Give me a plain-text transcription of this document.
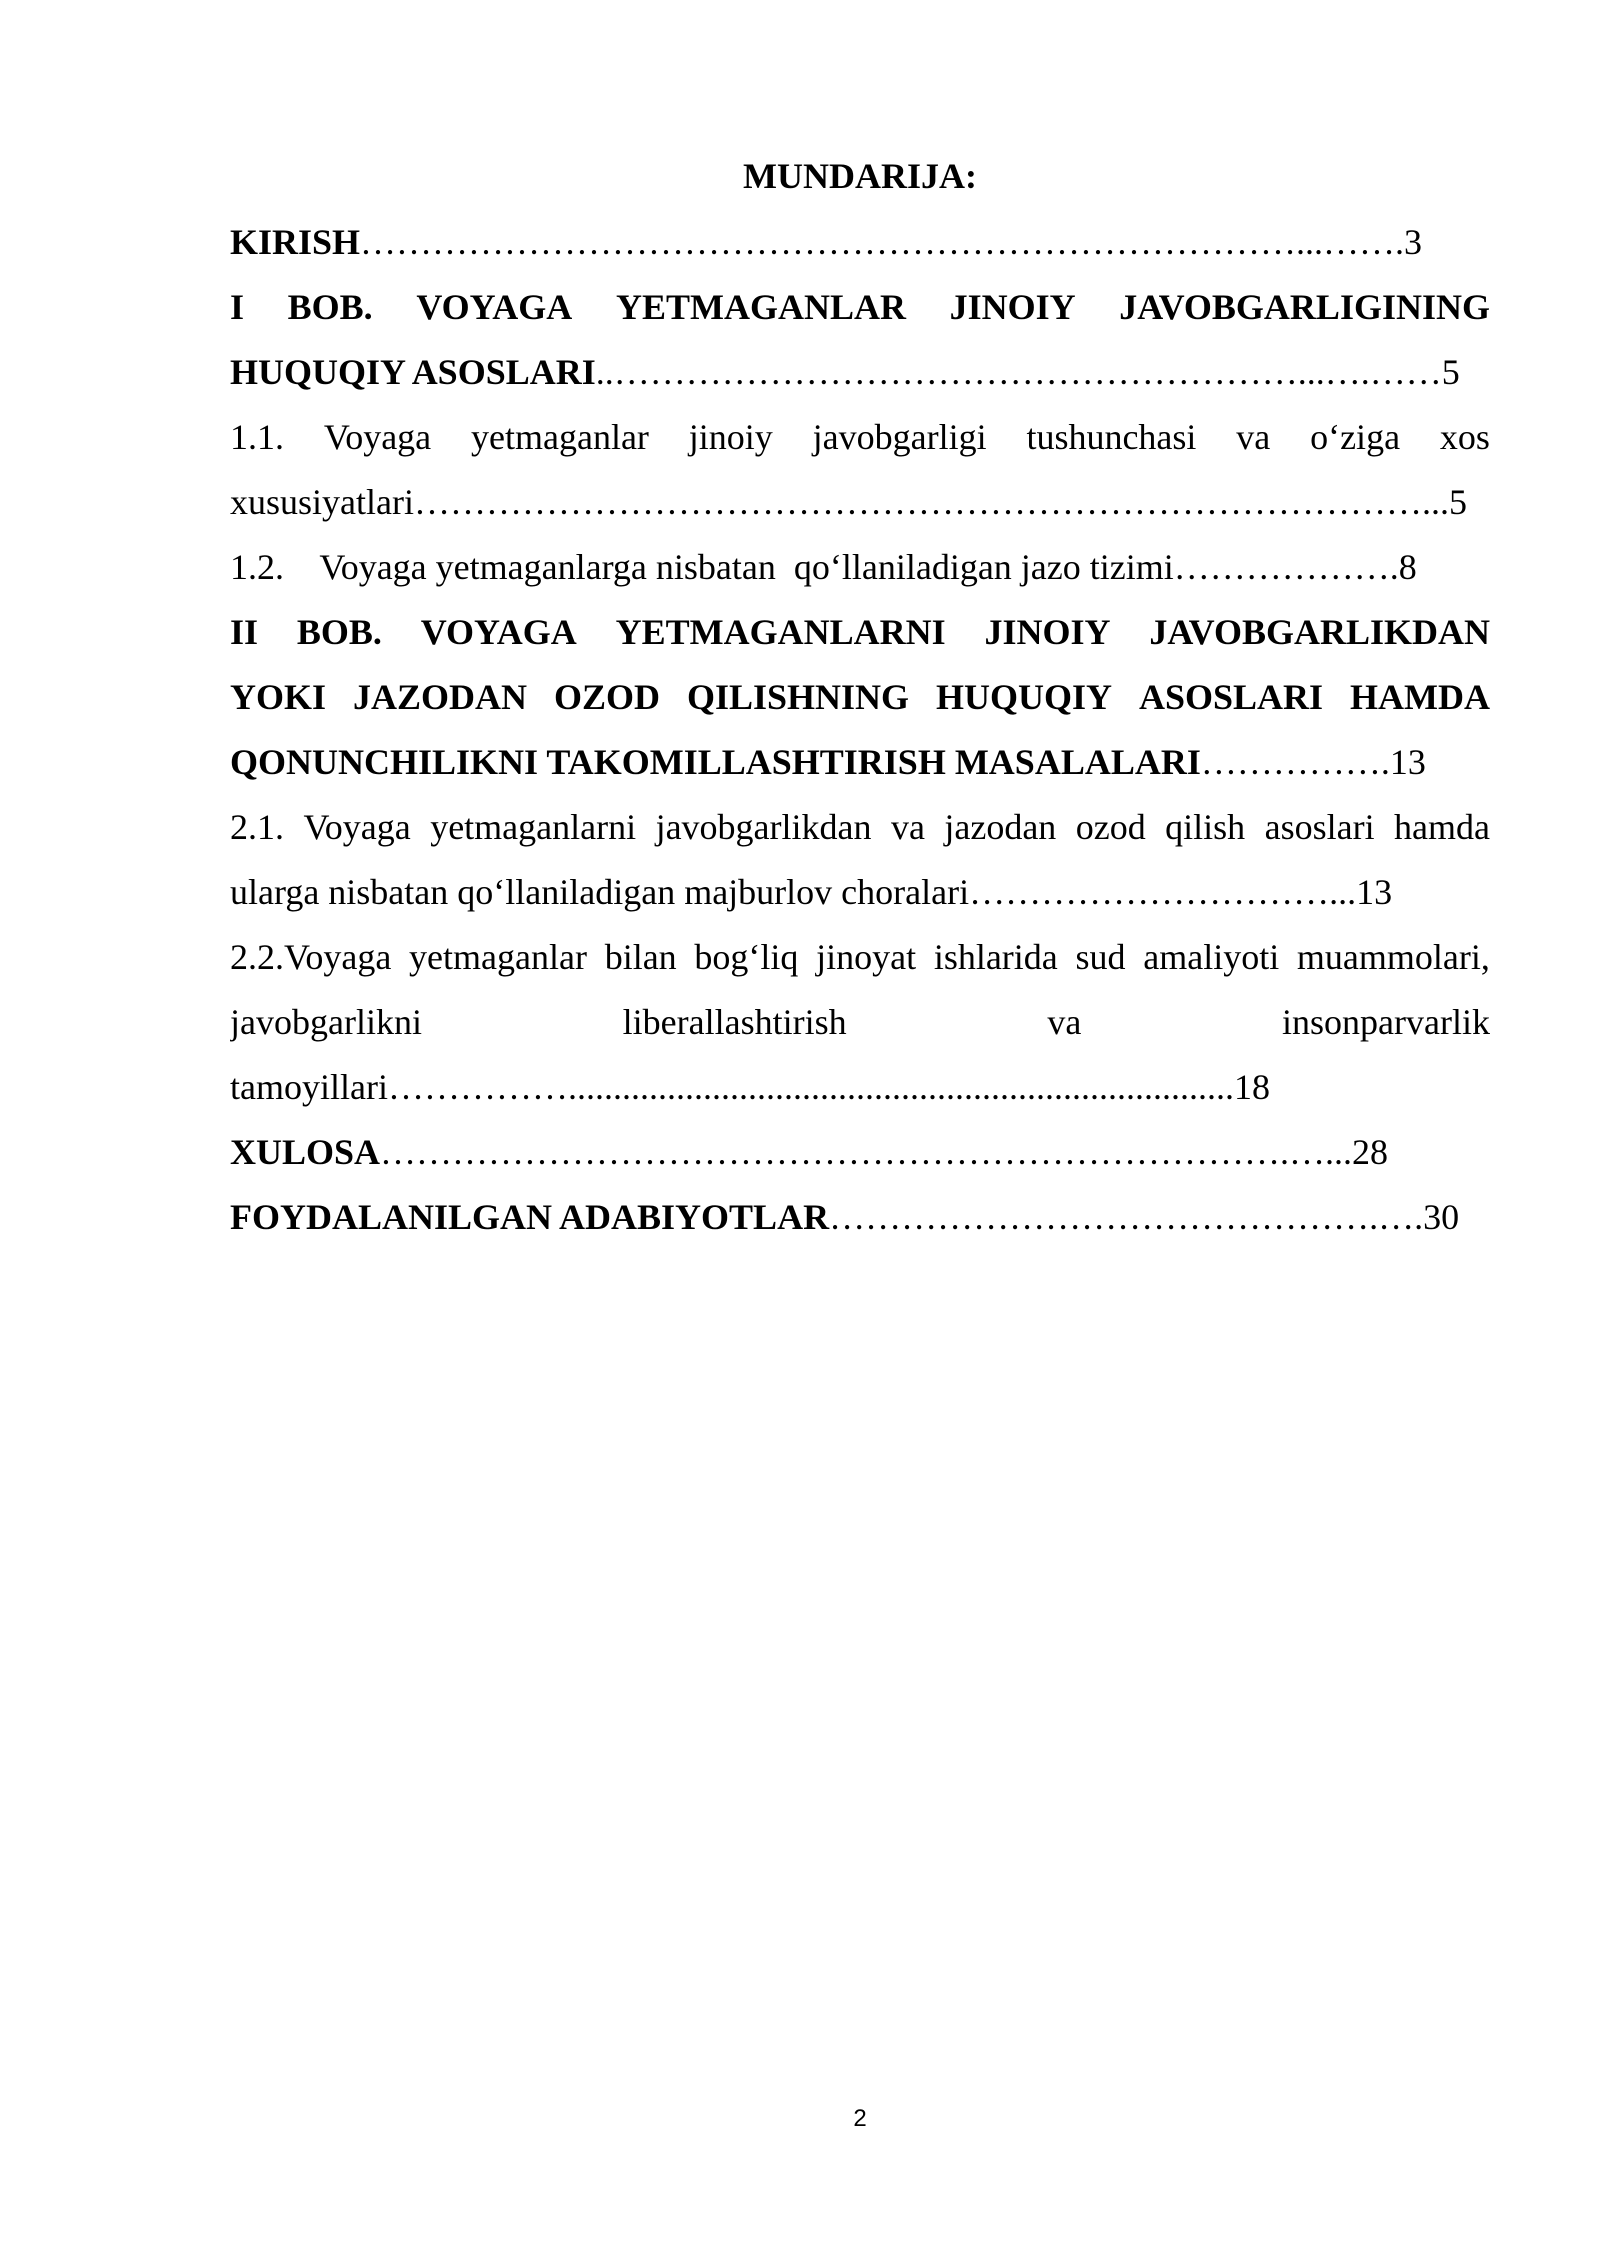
MUNDARIJA:
KIRISH……………………………………………………………………...…….3
I BOB. VOYAGA YETMAGANLAR JINOIY JAVOBGARLIGINING
HUQUQIY ASOSLARI..…………………………………………………...….……5
1.1. Voyaga yetmaganlar jinoiy javobgarligi tushunchasi va o‘ziga xos
xususiyatlari…………………………………………………………………………...5
1.2.    Voyaga yetmaganlarga nisbatan  qo‘llaniladigan jazo tizimi……………….8
II BOB. VOYAGA YETMAGANLARNI JINOIY JAVOBGARLIKDAN
YOKI JAZODAN OZOD QILISHNING HUQUQIY ASOSLARI HAMDA
QONUNCHILIKNI TAKOMILLASHTIRISH MASALALARI…………….13
2.1. Voyaga yetmaganlarni javobgarlikdan va jazodan ozod qilish asoslari hamda
ularga nisbatan qo‘llaniladigan majburlov choralari…………………………...13
2.2.Voyaga yetmaganlar bilan bog‘liq jinoyat ishlarida sud amaliyoti muammolari,
javobgarlikni	liberallashtirish	va	insonparvarlik
tamoyillari……………..........................................................................18
XULOSA………………………………………………………………….…...28
FOYDALANILGAN ADABIYOTLAR……………………………………….….30
2
